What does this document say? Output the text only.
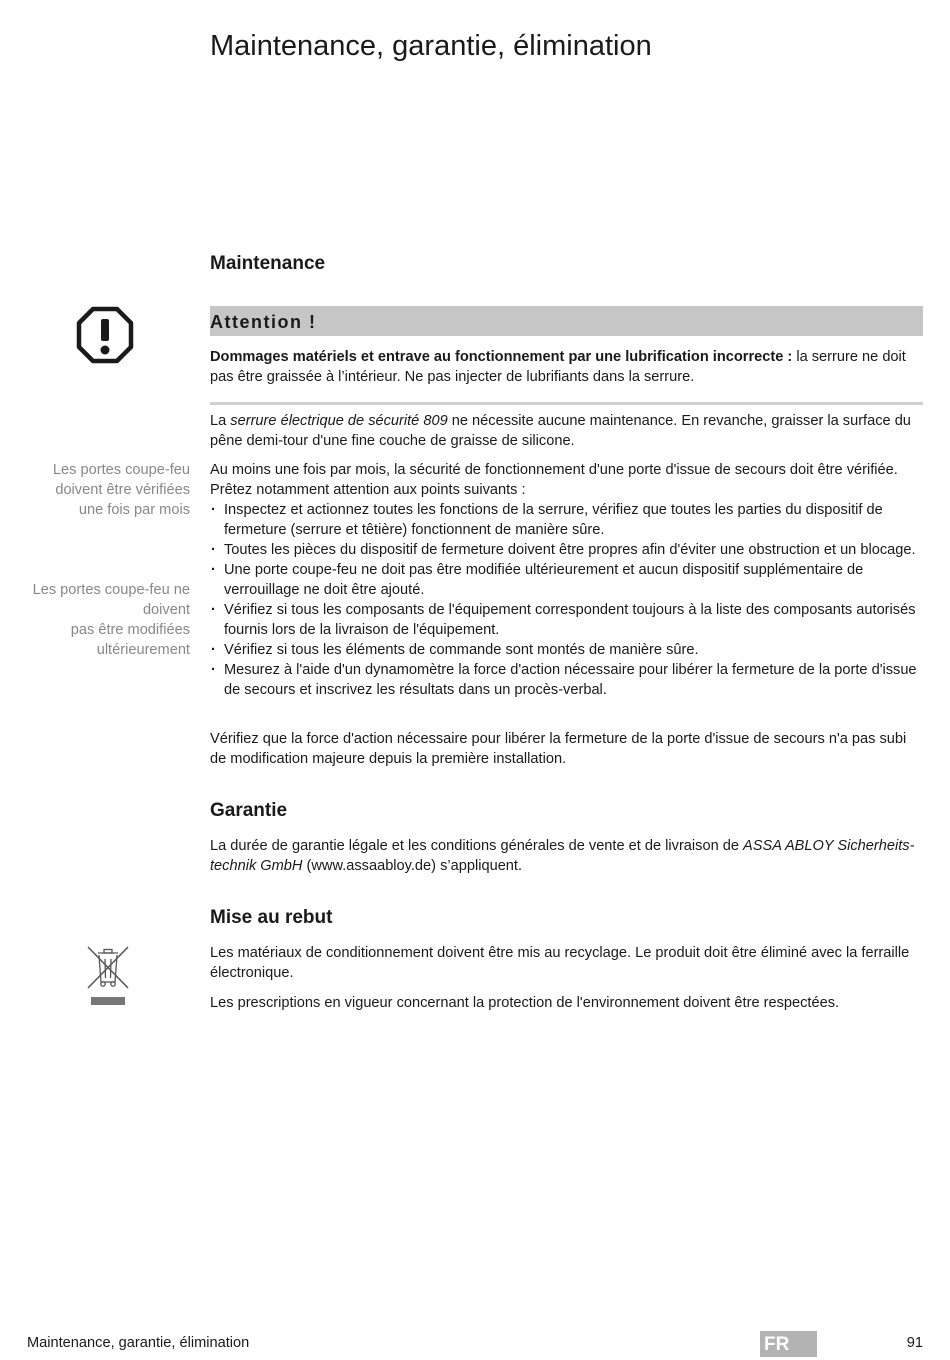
Maintenance, garantie, élimination
Maintenance
Attention !

Dommages matériels et entrave au fonctionnement par une lubrification incorrecte : la serrure ne doit pas être graissée à l’intérieur. Ne pas injecter de lubrifiants dans la serrure.

La serrure électrique de sécurité 809 ne nécessite aucune maintenance. En revanche, graisser la surface du pêne demi-tour d'une fine couche de graisse de silicone.

Au moins une fois par mois, la sécurité de fonctionnement d'une porte d'issue de secours doit être vérifiée. Prêtez notamment attention aux points suivants :

· Inspectez et actionnez toutes les fonctions de la serrure, vérifiez que toutes les parties du dispositif de fermeture (serrure et têtière) fonctionnent de manière sûre.
· Toutes les pièces du dispositif de fermeture doivent être propres afin d'éviter une obstruction et un blocage.
· Une porte coupe-feu ne doit pas être modifiée ultérieurement et aucun dispositif supplémentaire de verrouillage ne doit être ajouté.
· Vérifiez si tous les composants de l'équipement correspondent toujours à la liste des composants autorisés fournis lors de la livraison de l'équipement.
· Vérifiez si tous les éléments de commande sont montés de manière sûre.
· Mesurez à l'aide d'un dynamomètre la force d'action nécessaire pour libérer la fermeture de la porte d'issue de secours et inscrivez les résultats dans un procès-verbal.

Vérifiez que la force d'action nécessaire pour libérer la fermeture de la porte d'issue de secours n'a pas subi de modification majeure depuis la première installation.

Les portes coupe-feu
doivent être vérifiées
une fois par mois
Les portes coupe-feu ne
doivent
pas être modifiées
ultérieurement
Garantie

La durée de garantie légale et les conditions générales de vente et de livraison de ASSA ABLOY Sicherheits-technik GmbH (www.assaabloy.de) s’appliquent.

Mise au rebut

Les matériaux de conditionnement doivent être mis au recyclage. Le produit doit être éliminé avec la ferraille électronique.

Les prescriptions en vigueur concernant la protection de l'environnement doivent être respectées.

Maintenance, garantie, élimination	FR	91
